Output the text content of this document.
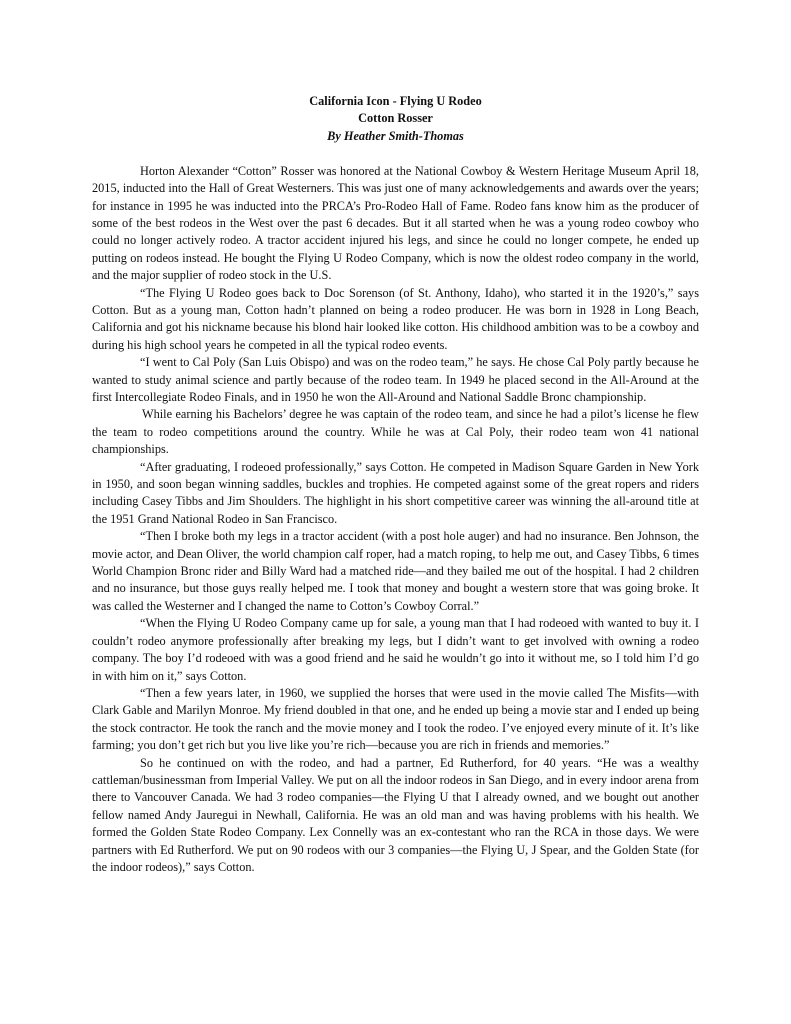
California Icon - Flying U Rodeo
Cotton Rosser
By Heather Smith-Thomas

Horton Alexander “Cotton” Rosser was honored at the National Cowboy & Western Heritage Museum April 18, 2015, inducted into the Hall of Great Westerners. This was just one of many acknowledgements and awards over the years; for instance in 1995 he was inducted into the PRCA’s Pro-Rodeo Hall of Fame. Rodeo fans know him as the producer of some of the best rodeos in the West over the past 6 decades. But it all started when he was a young rodeo cowboy who could no longer actively rodeo. A tractor accident injured his legs, and since he could no longer compete, he ended up putting on rodeos instead. He bought the Flying U Rodeo Company, which is now the oldest rodeo company in the world, and the major supplier of rodeo stock in the U.S.

“The Flying U Rodeo goes back to Doc Sorenson (of St. Anthony, Idaho), who started it in the 1920’s,” says Cotton. But as a young man, Cotton hadn’t planned on being a rodeo producer. He was born in 1928 in Long Beach, California and got his nickname because his blond hair looked like cotton. His childhood ambition was to be a cowboy and during his high school years he competed in all the typical rodeo events.

“I went to Cal Poly (San Luis Obispo) and was on the rodeo team,” he says. He chose Cal Poly partly because he wanted to study animal science and partly because of the rodeo team. In 1949 he placed second in the All-Around at the first Intercollegiate Rodeo Finals, and in 1950 he won the All-Around and National Saddle Bronc championship.

While earning his Bachelors’ degree he was captain of the rodeo team, and since he had a pilot’s license he flew the team to rodeo competitions around the country. While he was at Cal Poly, their rodeo team won 41 national championships.

“After graduating, I rodeoed professionally,” says Cotton. He competed in Madison Square Garden in New York in 1950, and soon began winning saddles, buckles and trophies. He competed against some of the great ropers and riders including Casey Tibbs and Jim Shoulders. The highlight in his short competitive career was winning the all-around title at the 1951 Grand National Rodeo in San Francisco.

“Then I broke both my legs in a tractor accident (with a post hole auger) and had no insurance. Ben Johnson, the movie actor, and Dean Oliver, the world champion calf roper, had a match roping, to help me out, and Casey Tibbs, 6 times World Champion Bronc rider and Billy Ward had a matched ride—and they bailed me out of the hospital. I had 2 children and no insurance, but those guys really helped me. I took that money and bought a western store that was going broke. It was called the Westerner and I changed the name to Cotton’s Cowboy Corral.”

“When the Flying U Rodeo Company came up for sale, a young man that I had rodeoed with wanted to buy it. I couldn’t rodeo anymore professionally after breaking my legs, but I didn’t want to get involved with owning a rodeo company. The boy I’d rodeoed with was a good friend and he said he wouldn’t go into it without me, so I told him I’d go in with him on it,” says Cotton.

“Then a few years later, in 1960, we supplied the horses that were used in the movie called The Misfits—with Clark Gable and Marilyn Monroe. My friend doubled in that one, and he ended up being a movie star and I ended up being the stock contractor. He took the ranch and the movie money and I took the rodeo. I’ve enjoyed every minute of it. It’s like farming; you don’t get rich but you live like you’re rich—because you are rich in friends and memories.”

So he continued on with the rodeo, and had a partner, Ed Rutherford, for 40 years. “He was a wealthy cattleman/businessman from Imperial Valley. We put on all the indoor rodeos in San Diego, and in every indoor arena from there to Vancouver Canada. We had 3 rodeo companies—the Flying U that I already owned, and we bought out another fellow named Andy Jauregui in Newhall, California. He was an old man and was having problems with his health. We formed the Golden State Rodeo Company. Lex Connelly was an ex-contestant who ran the RCA in those days. We were partners with Ed Rutherford. We put on 90 rodeos with our 3 companies—the Flying U, J Spear, and the Golden State (for the indoor rodeos),” says Cotton.
